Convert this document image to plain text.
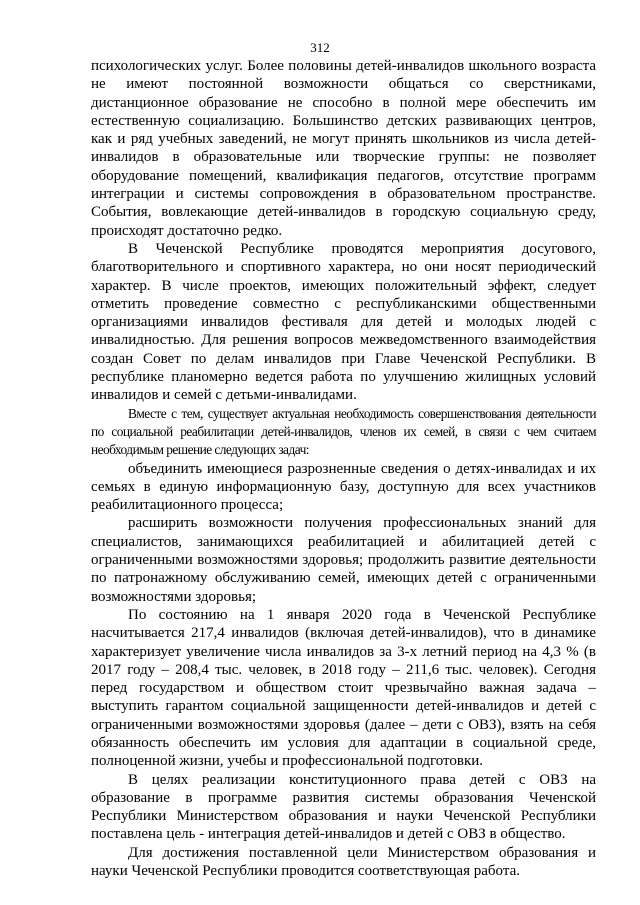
312

психологических услуг. Более половины детей-инвалидов школьного возраста не имеют постоянной возможности общаться со сверстниками, дистанционное образование не способно в полной мере обеспечить им естественную социализацию. Большинство детских развивающих центров, как и ряд учебных заведений, не могут принять школьников из числа детей-инвалидов в образовательные или творческие группы: не позволяет оборудование помещений, квалификация педагогов, отсутствие программ интеграции и системы сопровождения в образовательном пространстве. События, вовлекающие детей-инвалидов в городскую социальную среду, происходят достаточно редко.

В Чеченской Республике проводятся мероприятия досугового, благотворительного и спортивного характера, но они носят периодический характер. В числе проектов, имеющих положительный эффект, следует отметить проведение совместно с республиканскими общественными организациями инвалидов фестиваля для детей и молодых людей с инвалидностью. Для решения вопросов межведомственного взаимодействия создан Совет по делам инвалидов при Главе Чеченской Республики. В республике планомерно ведется работа по улучшению жилищных условий инвалидов и семей с детьми-инвалидами.

Вместе с тем, существует актуальная необходимость совершенствования деятельности по социальной реабилитации детей-инвалидов, членов их семей, в связи с чем считаем необходимым решение следующих задач:

объединить имеющиеся разрозненные сведения о детях-инвалидах и их семьях в единую информационную базу, доступную для всех участников реабилитационного процесса;

расширить возможности получения профессиональных знаний для специалистов, занимающихся реабилитацией и абилитацией детей с ограниченными возможностями здоровья; продолжить развитие деятельности по патронажному обслуживанию семей, имеющих детей с ограниченными возможностями здоровья;

По состоянию на 1 января 2020 года в Чеченской Республике насчитывается 217,4 инвалидов (включая детей-инвалидов), что в динамике характеризует увеличение числа инвалидов за 3-х летний период на 4,3 % (в 2017 году – 208,4 тыс. человек, в 2018 году – 211,6 тыс. человек). Сегодня перед государством и обществом стоит чрезвычайно важная задача – выступить гарантом социальной защищенности детей-инвалидов и детей с ограниченными возможностями здоровья (далее – дети с ОВЗ), взять на себя обязанность обеспечить им условия для адаптации в социальной среде, полноценной жизни, учебы и профессиональной подготовки.

В целях реализации конституционного права детей с ОВЗ на образование в программе развития системы образования Чеченской Республики Министерством образования и науки Чеченской Республики поставлена цель - интеграция детей-инвалидов и детей с ОВЗ в общество.

Для достижения поставленной цели Министерством образования и науки Чеченской Республики проводится соответствующая работа.
